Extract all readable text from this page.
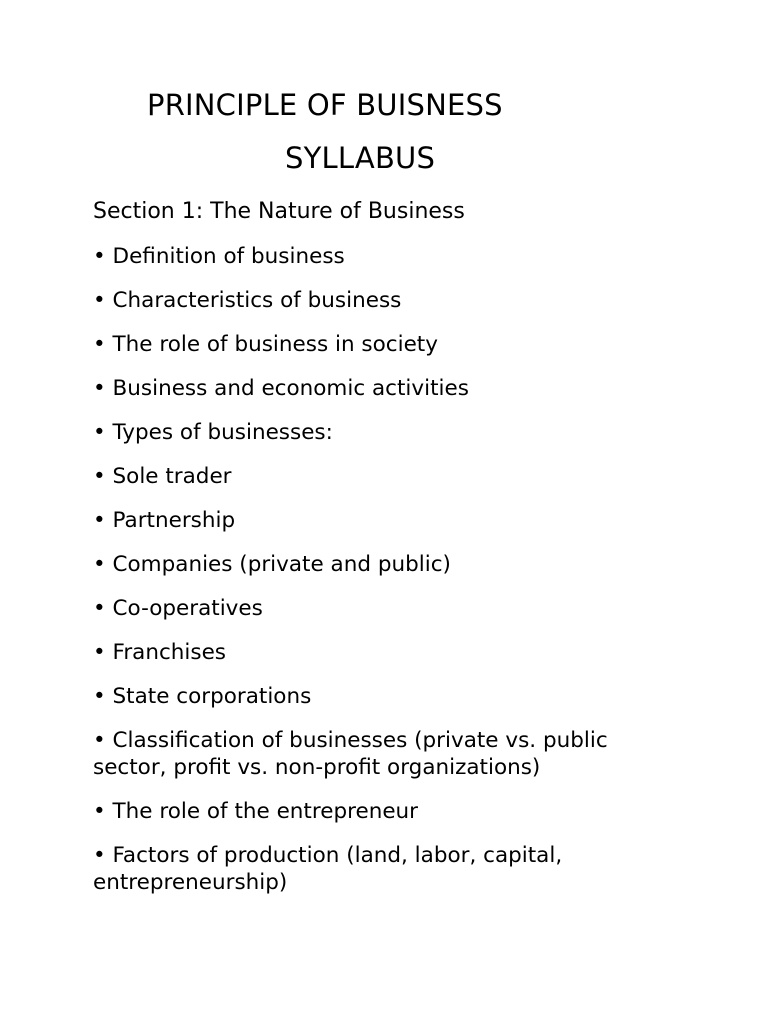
PRINCIPLE OF BUISNESS
SYLLABUS
Section 1: The Nature of Business
• Definition of business
• Characteristics of business
• The role of business in society
• Business and economic activities
• Types of businesses:
• Sole trader
• Partnership
• Companies (private and public)
• Co-operatives
• Franchises
• State corporations
• Classification of businesses (private vs. public sector, profit vs. non-profit organizations)
• The role of the entrepreneur
• Factors of production (land, labor, capital, entrepreneurship)
